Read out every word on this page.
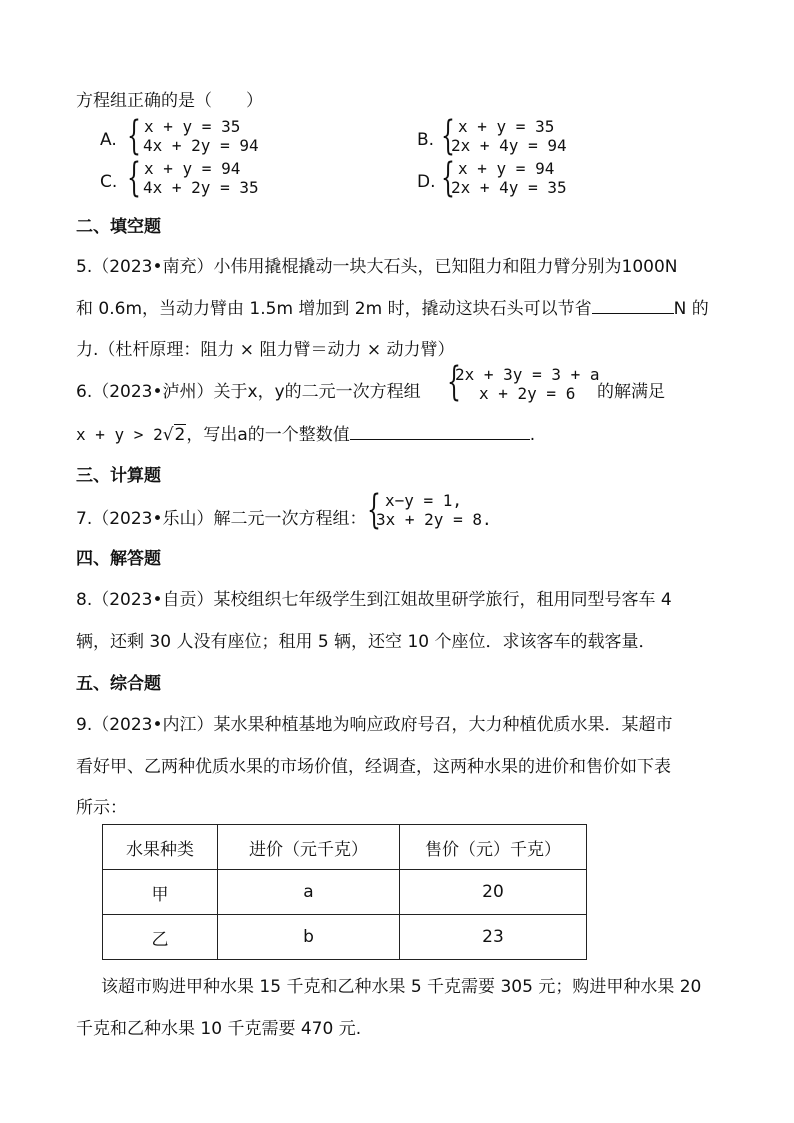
方程组正确的是（　　）
A. { x + y = 35
4x + 2y = 94	B. { x + y = 35
2x + 4y = 94
C. { x + y = 94
4x + 2y = 35	D. { x + y = 94
2x + 4y = 35
二、填空题
5.（2023•南充）小伟用撬棍撬动一块大石头，已知阻力和阻力臂分别为1000N
和 0.6m，当动力臂由 1.5m 增加到 2m 时，撬动这块石头可以节省	N 的
力.（杜杆原理：阻力 × 阻力臂＝动力 × 动力臂）
6.（2023•泸州）关于x，y的二元一次方程组 {
2x + 3y = 3 + a
x + 2y = 6	的解满足
x + y > 2√2，写出a的一个整数值	.
三、计算题
7.（2023•乐山）解二元一次方程组： { x−y = 1,
3x + 2y = 8.
四、解答题
8.（2023•自贡）某校组织七年级学生到江姐故里研学旅行，租用同型号客车 4
辆，还剩 30 人没有座位；租用 5 辆，还空 10 个座位．求该客车的载客量．
五、综合题
9.（2023•内江）某水果种植基地为响应政府号召，大力种植优质水果．某超市
看好甲、乙两种优质水果的市场价值，经调查，这两种水果的进价和售价如下表
所示：
水果种类	进价（元千克）	售价（元）千克）
甲	a	20
乙	b	23
该超市购进甲种水果 15 千克和乙种水果 5 千克需要 305 元；购进甲种水果 20
千克和乙种水果 10 千克需要 470 元.
